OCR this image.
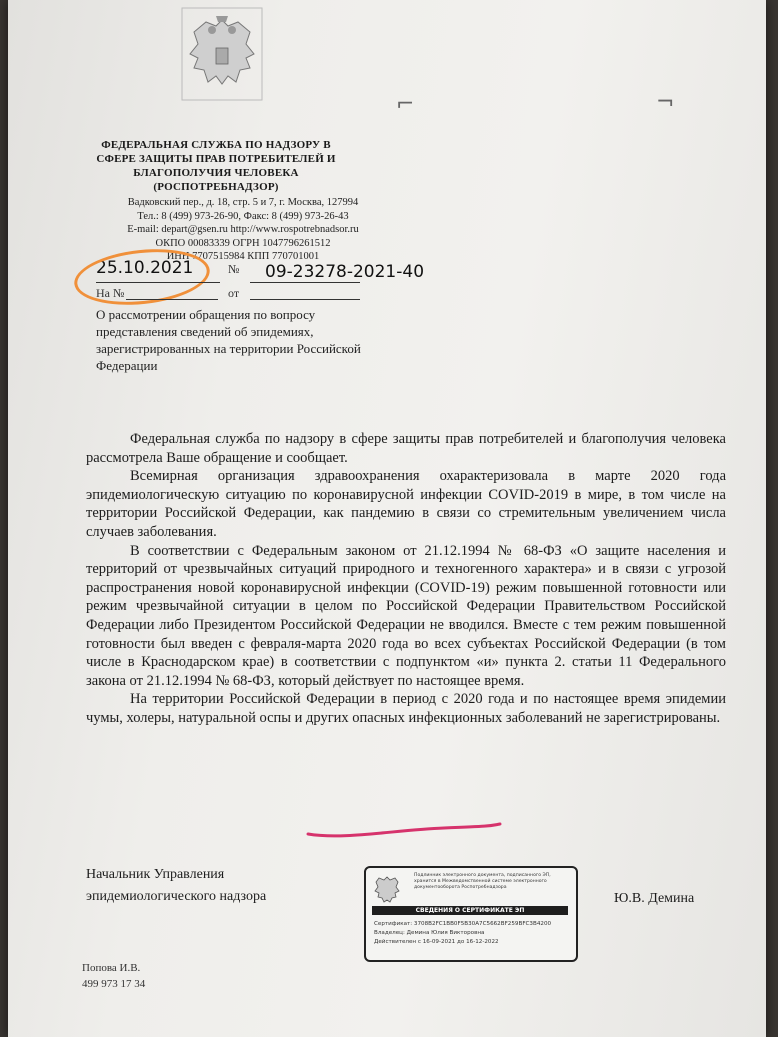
⌐	¬
ФЕДЕРАЛЬНАЯ СЛУЖБА ПО НАДЗОРУ В
СФЕРЕ ЗАЩИТЫ ПРАВ ПОТРЕБИТЕЛЕЙ И
БЛАГОПОЛУЧИЯ ЧЕЛОВЕКА
(РОСПОТРЕБНАДЗОР)
Вадковский пер., д. 18, стр. 5 и 7, г. Москва, 127994
Тел.: 8 (499) 973-26-90, Факс: 8 (499) 973-26-43
E-mail: depart@gsen.ru http://www.rospotrebnadsor.ru
ОКПО 00083339 ОГРН 1047796261512
ИНН 7707515984 КПП 770701001
25.10.2021	№ 09-23278-2021-40
На №	от
О рассмотрении обращения по вопросу представления сведений об эпидемиях, зарегистрированных на территории Российской Федерации

Федеральная служба по надзору в сфере защиты прав потребителей и благополучия человека рассмотрела Ваше обращение и сообщает.

Всемирная организация здравоохранения охарактеризовала в марте 2020 года эпидемиологическую ситуацию по коронавирусной инфекции COVID-2019 в мире, в том числе на территории Российской Федерации, как пандемию в связи со стремительным увеличением числа случаев заболевания.

В соответствии с Федеральным законом от 21.12.1994 № 68-ФЗ «О защите населения и территорий от чрезвычайных ситуаций природного и техногенного характера» и в связи с угрозой распространения новой коронавирусной инфекции (COVID-19) режим повышенной готовности или режим чрезвычайной ситуации в целом по Российской Федерации Правительством Российской Федерации либо Президентом Российской Федерации не вводился. Вместе с тем режим повышенной готовности был введен с февраля-марта 2020 года во всех субъектах Российской Федерации (в том числе в Краснодарском крае) в соответствии с подпунктом «и» пункта 2. статьи 11 Федерального закона от 21.12.1994 № 68-ФЗ, который действует по настоящее время.

На территории Российской Федерации в период с 2020 года и по настоящее время эпидемии чумы, холеры, натуральной оспы и других опасных инфекционных заболеваний не зарегистрированы.

Начальник Управления
эпидемиологического надзора
Подлинник электронного документа, подписанного ЭП, хранится в Межведомственной системе электронного документооборота Роспотребнадзора
СВЕДЕНИЯ О СЕРТИФИКАТЕ ЭП
Сертификат: 3708B2FC1BB0F5B30A7C5662BF259BFC3B4200
Владелец: Демина Юлия Викторовна
Действителен с 16-09-2021 до 16-12-2022
Ю.В. Демина
Попова И.В.
499 973 17 34
